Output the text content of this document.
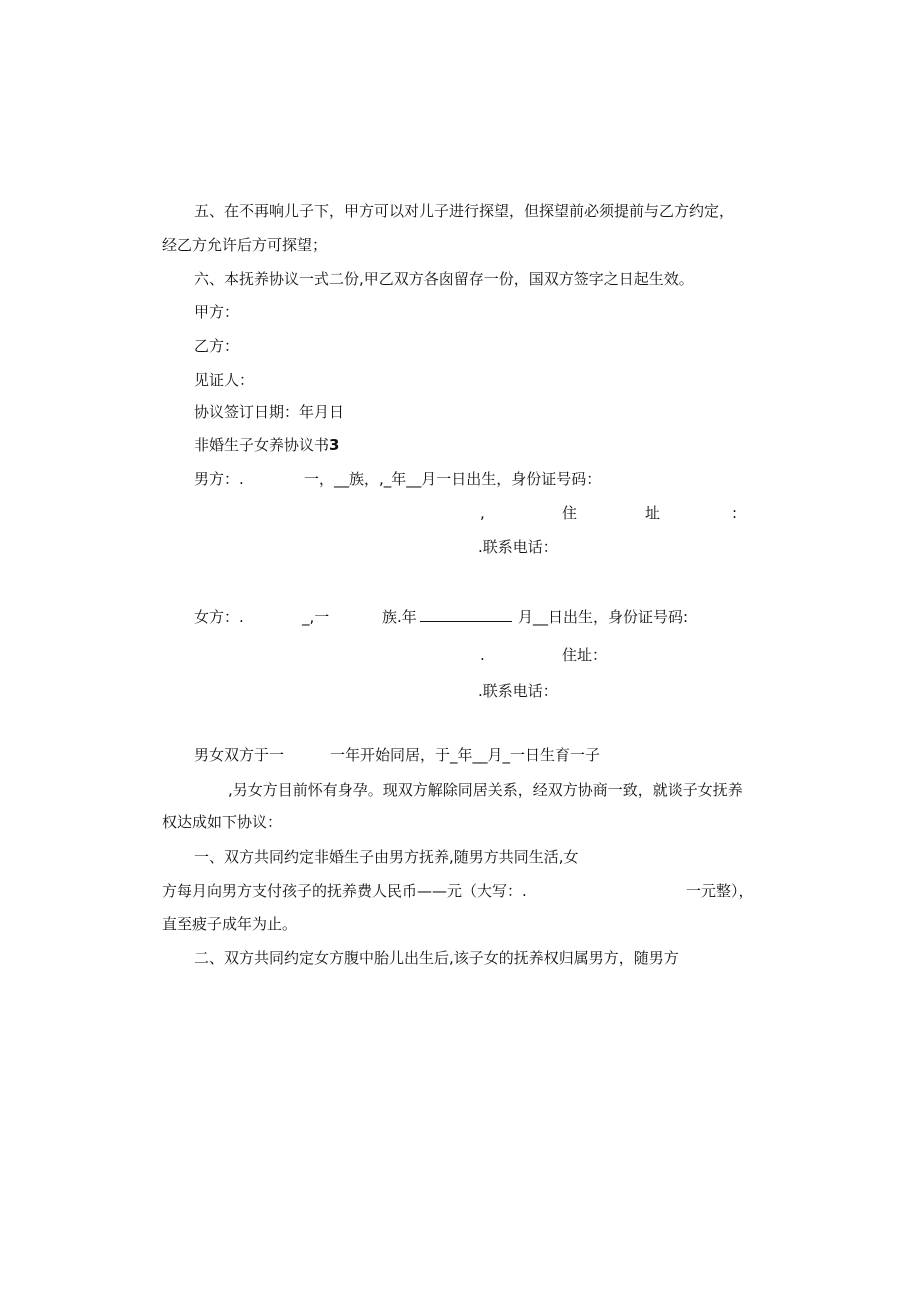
五、在不再响儿子下，甲方可以对儿子进行探望，但探望前必须提前与乙方约定，
经乙方允许后方可探望；
六、本抚养协议一式二份,甲乙双方各囱留存一份，国双方签字之日起生效。
甲方：
乙方：
见证人：
协议签订日期：年月日
非婚生子女养协议书3
男方：.	一，__族，,_年__月一日出生，身份证号码：
,	住	址	:
.联系电话：
女方：.	_,一	族.年	月__日出生，身份证号码:
.	住址：
.联系电话：
男女双方于一	一年开始同居，于_年__月_一日生育一子
,另女方目前怀有身孕。现双方解除同居关系，经双方协商一致，就谈子女抚养
权达成如下协议：
一、双方共同约定非婚生子由男方抚养,随男方共同生活,女
方每月向男方支付孩子的抚养费人民币——元（大写：.	一元整），
直至疲子成年为止。
二、双方共同约定女方腹中胎儿出生后,该子女的抚养权归属男方，随男方
